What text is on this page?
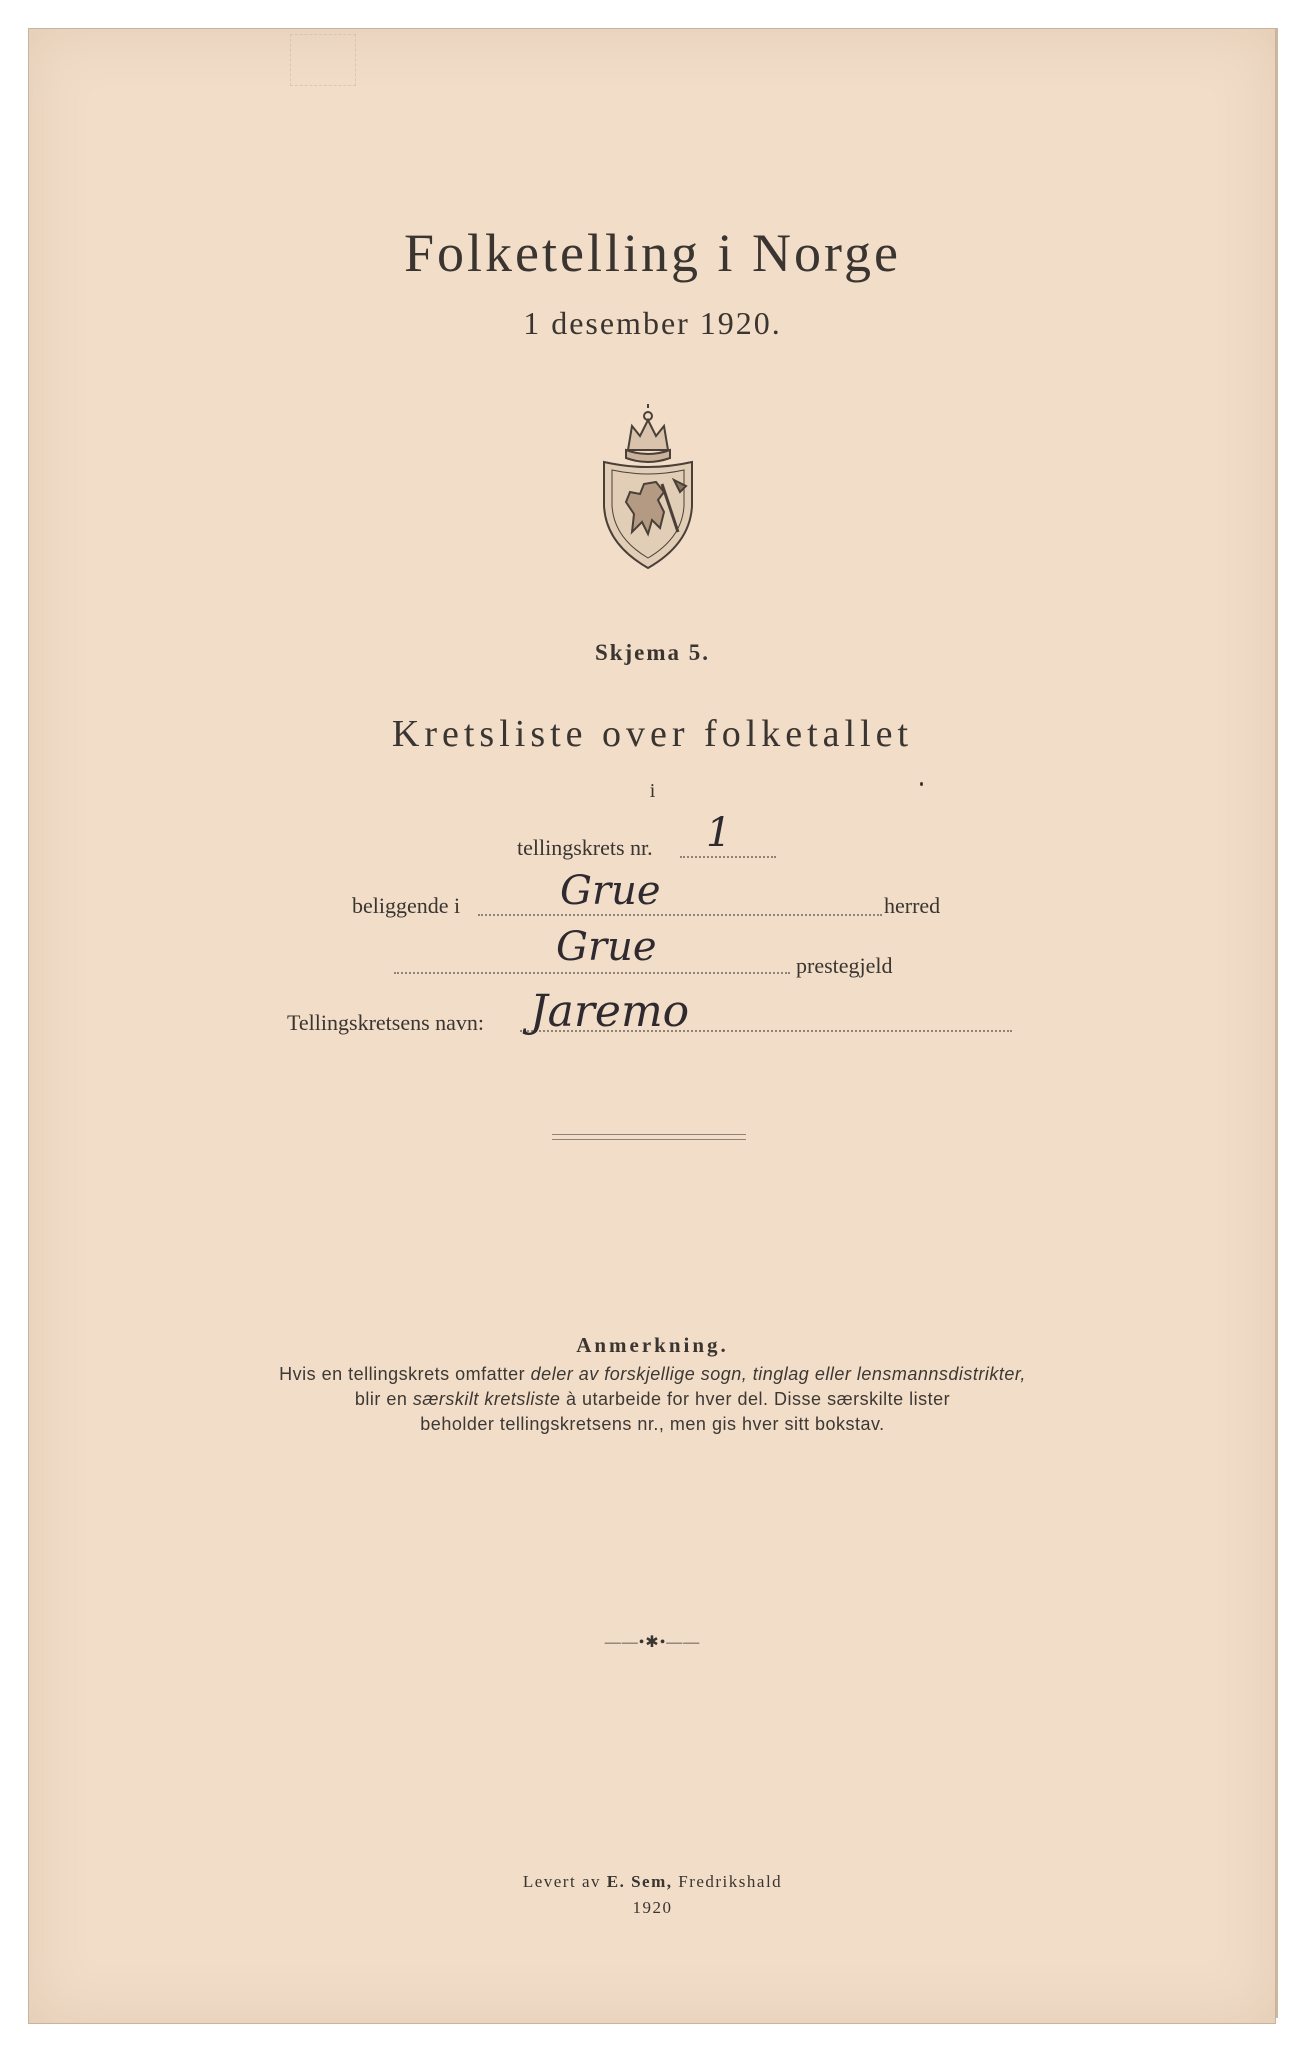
Folketelling i Norge
1 desember 1920.
Skjema 5.
Kretsliste over folketallet
i
tellingskrets nr. 1
beliggende i Grue	herred
Grue	prestegjeld
Tellingskretsens navn: Jaremo
Anmerkning.
Hvis en tellingskrets omfatter deler av forskjellige sogn, tinglag eller lensmannsdistrikter,
blir en særskilt kretsliste à utarbeide for hver del. Disse særskilte lister
beholder tellingskretsens nr., men gis hver sitt bokstav.
——•✱•——
Levert av E. Sem, Fredrikshald
1920
